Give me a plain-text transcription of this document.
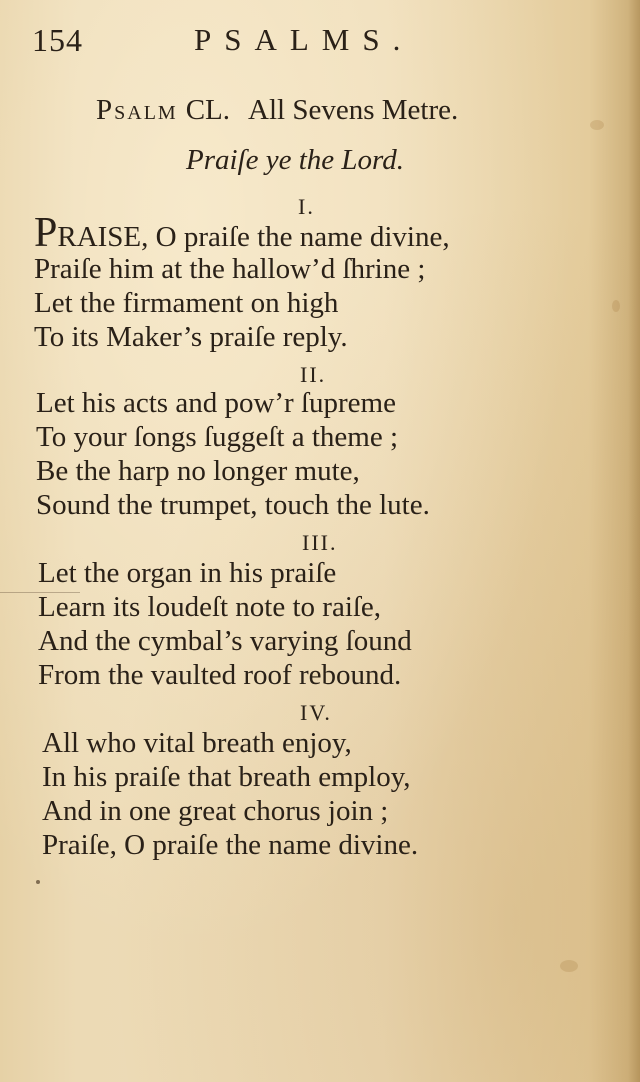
154	PSALMS.
Psalm CL. All Sevens Metre.
Praiſe ye the Lord.
I.
PRAISE, O praiſe the name divine,
Praiſe him at the hallow’d ſhrine ;
Let the firmament on high
To its Maker’s praiſe reply.
II.
Let his acts and pow’r ſupreme
To your ſongs ſuggeſt a theme ;
Be the harp no longer mute,
Sound the trumpet, touch the lute.
III.
Let the organ in his praiſe
Learn its loudeſt note to raiſe,
And the cymbal’s varying ſound
From the vaulted roof rebound.
IV.
All who vital breath enjoy,
In his praiſe that breath employ,
And in one great chorus join ;
Praiſe, O praiſe the name divine.
